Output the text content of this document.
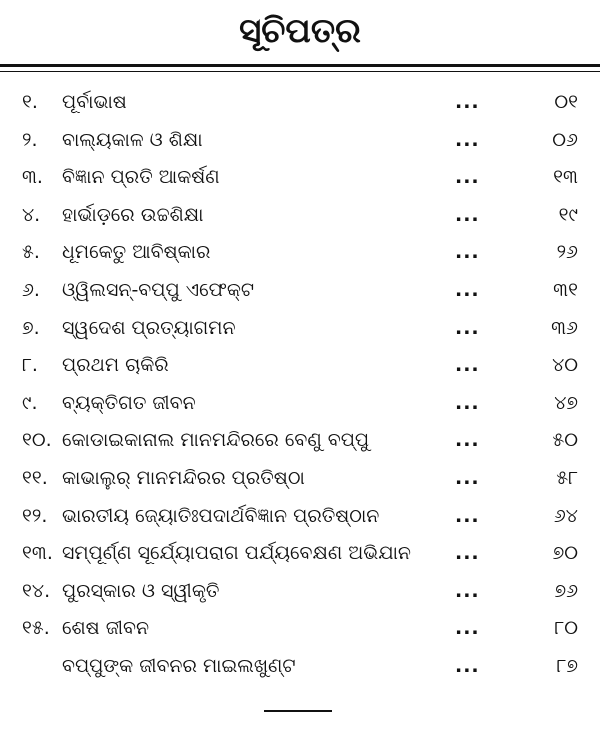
ସୂଚିପତ୍ର
୧.	ପୂର୍ବାଭାଷ	...	୦୧
୨.	ବାଲ୍ୟକାଳ ଓ ଶିକ୍ଷା	...	୦୬
୩.	ବିଜ୍ଞାନ ପ୍ରତି ଆକର୍ଷଣ	...	୧୩
୪.	ହାର୍ଭାଡ଼ରେ ଉଚ୍ଚଶିକ୍ଷା	...	୧୯
୫.	ଧୂମକେତୁ ଆବିଷ୍କାର	...	୨୬
୬.	ଓ୍ୱିଲସନ୍-ବପ୍ପୁ ଏଫେକ୍ଟ	...	୩୧
୭.	ସ୍ୱଦେଶ ପ୍ରତ୍ୟାଗମନ	...	୩୬
୮.	ପ୍ରଥମ ଚାକିରି	...	୪୦
୯.	ବ୍ୟକ୍ତିଗତ ଜୀବନ	...	୪୭
୧୦. କୋଡାଇକାନାଲ ମାନମନ୍ଦିରରେ ବେଣୁ ବପ୍ପୁ	...	୫୦
୧୧. କାଭାଲୁର୍ ମାନମନ୍ଦିରର ପ୍ରତିଷ୍ଠା	...	୫୮
୧୨. ଭାରତୀୟ ଜ୍ୟୋତିଃପଦାର୍ଥବିଜ୍ଞାନ ପ୍ରତିଷ୍ଠାନ	...	୬୪
୧୩. ସମ୍ପୂର୍ଣ୍ଣ ସୂର୍ଯ୍ୟୋପରାଗ ପର୍ଯ୍ୟବେକ୍ଷଣ ଅଭିଯାନ ...	୭୦
୧୪. ପୁରସ୍କାର ଓ ସ୍ୱୀକୃତି	...	୭୬
୧୫. ଶେଷ ଜୀବନ	...	୮୦
ବପ୍ପୁଙ୍କ ଜୀବନର ମାଇଲଖୁଣ୍ଟ	...	୮୭
